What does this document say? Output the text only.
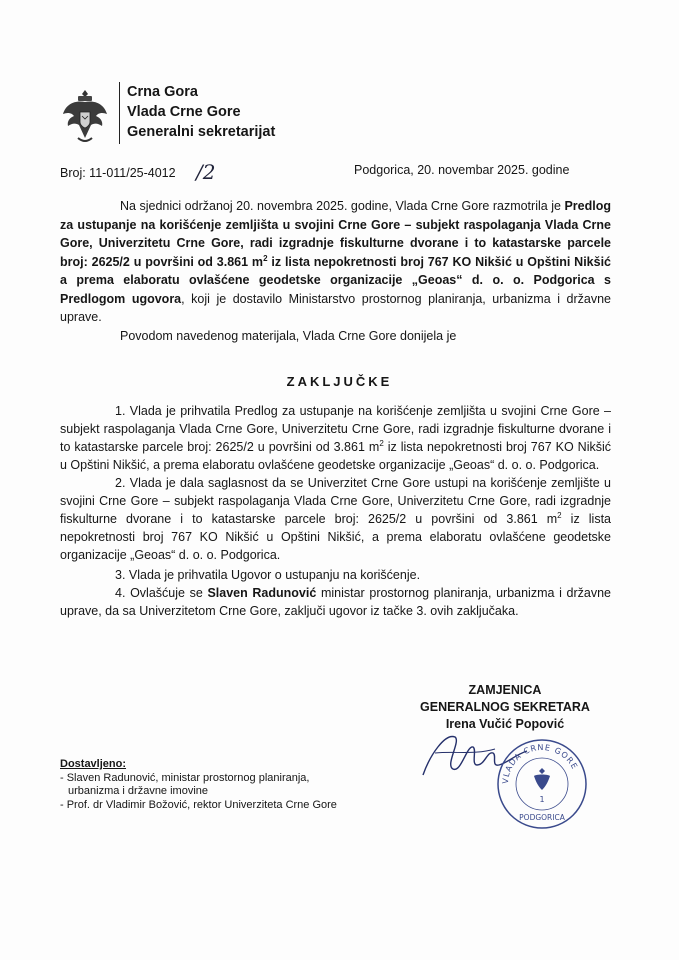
Crna Gora
Vlada Crne Gore
Generalni sekretarijat
Broj: 11-011/25-4012 /2	Podgorica, 20. novembar 2025. godine

Na sjednici održanoj 20. novembra 2025. godine, Vlada Crne Gore razmotrila je Predlog za ustupanje na korišćenje zemljišta u svojini Crne Gore – subjekt raspolaganja Vlada Crne Gore, Univerzitetu Crne Gore, radi izgradnje fiskulturne dvorane i to katastarske parcele broj: 2625/2 u površini od 3.861 $m^2$ iz lista nepokretnosti broj 767 KO Nikšić u Opštini Nikšić a prema elaboratu ovlašćene geodetske organizacije „Geoas“ d. o. o. Podgorica s Predlogom ugovora, koji je dostavilo Ministarstvo prostornog planiranja, urbanizma i državne uprave.

Povodom navedenog materijala, Vlada Crne Gore donijela je

ZAKLJUČKE

1. Vlada je prihvatila Predlog za ustupanje na korišćenje zemljišta u svojini Crne Gore – subjekt raspolaganja Vlada Crne Gore, Univerzitetu Crne Gore, radi izgradnje fiskulturne dvorane i to katastarske parcele broj: 2625/2 u površini od 3.861 $m^2$ iz lista nepokretnosti broj 767 KO Nikšić u Opštini Nikšić, a prema elaboratu ovlašćene geodetske organizacije „Geoas“ d. o. o. Podgorica.

2. Vlada je dala saglasnost da se Univerzitet Crne Gore ustupi na korišćenje zemljište u svojini Crne Gore – subjekt raspolaganja Vlada Crne Gore, Univerzitetu Crne Gore, radi izgradnje fiskulturne dvorane i to katastarske parcele broj: 2625/2 u površini od 3.861 $m^2$ iz lista nepokretnosti broj 767 KO Nikšić u Opštini Nikšić, a prema elaboratu ovlašćene geodetske organizacije „Geoas“ d. o. o. Podgorica.

3. Vlada je prihvatila Ugovor o ustupanju na korišćenje.

4. Ovlašćuje se Slaven Radunović ministar prostornog planiranja, urbanizma i državne uprave, da sa Univerzitetom Crne Gore, zaključi ugovor iz tačke 3. ovih zaključaka.

ZAMJENICA
GENERALNOG SEKRETARA
Irena Vučić Popović
VLADA CRNE GORE
1
PODGORICA
Dostavljeno:
- Slaven Radunović, ministar prostornog planiranja,
urbanizma i državne imovine
- Prof. dr Vladimir Božović, rektor Univerziteta Crne Gore
